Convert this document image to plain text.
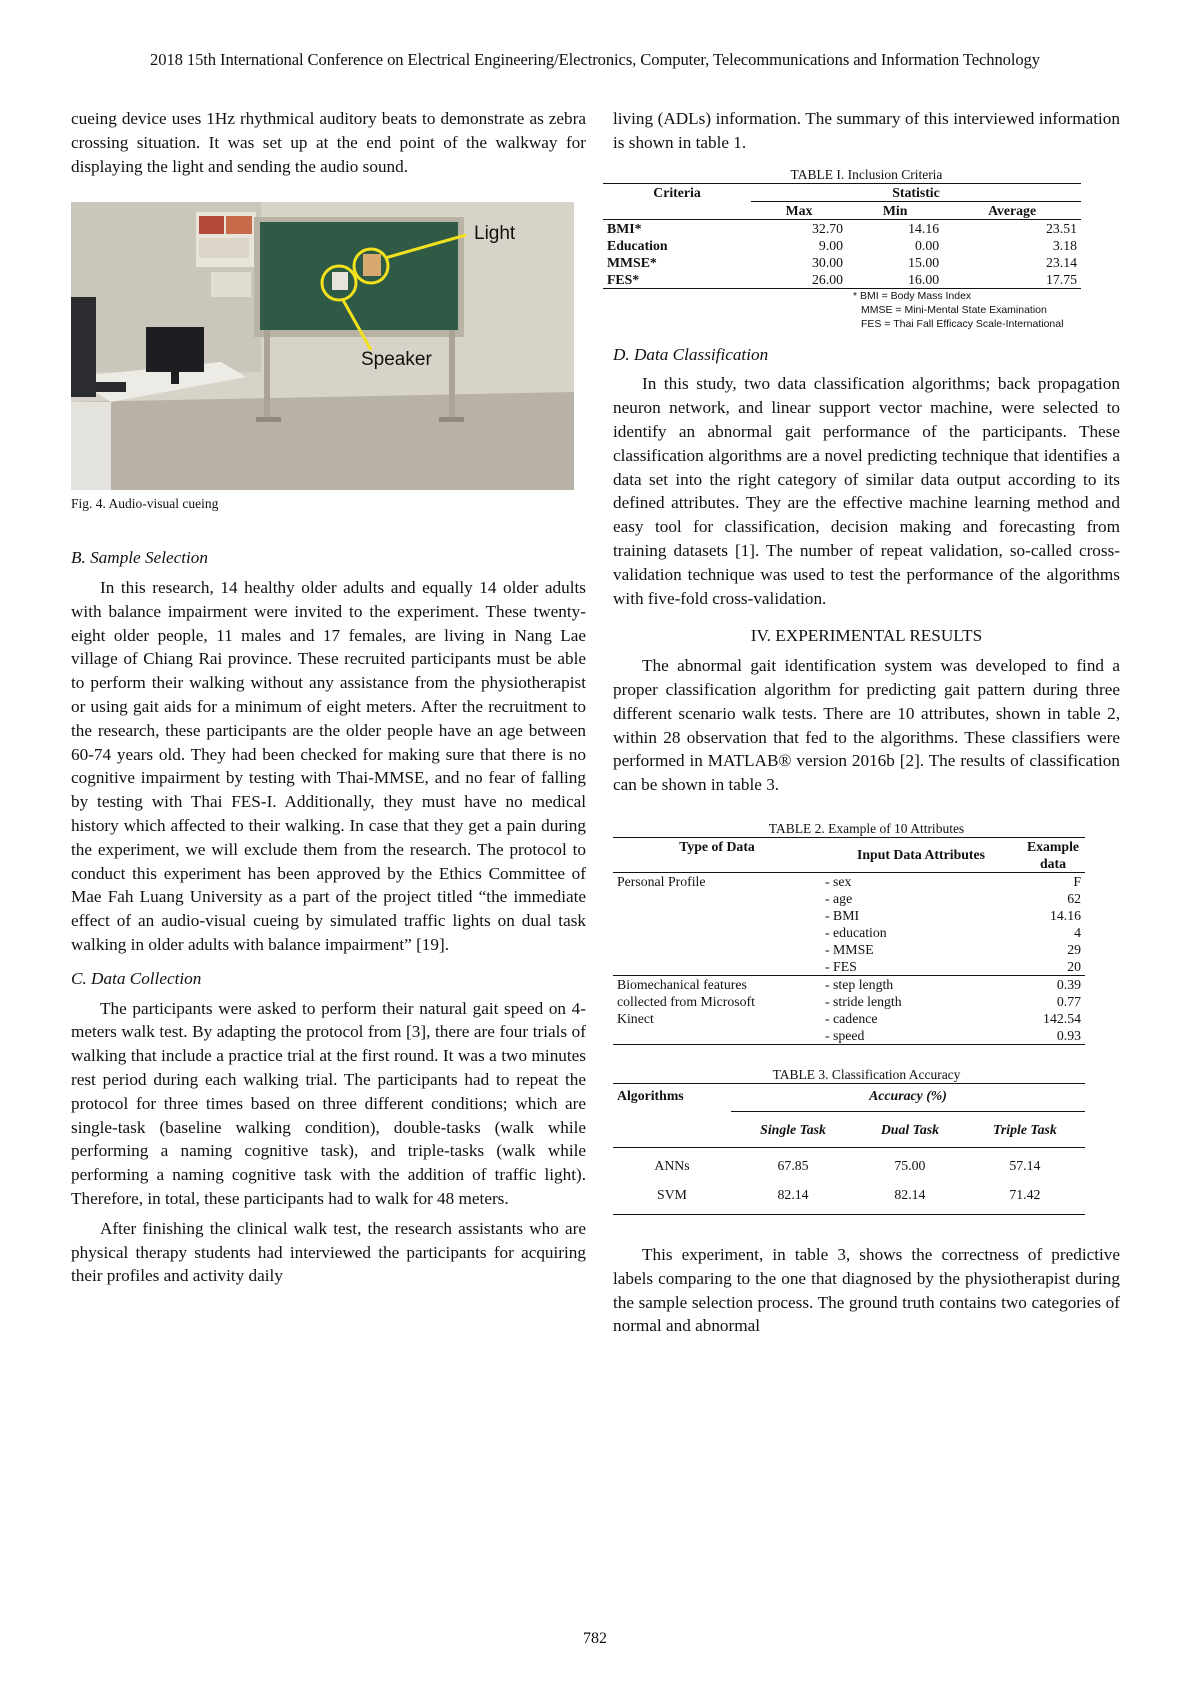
2018 15th International Conference on Electrical Engineering/Electronics, Computer, Telecommunications and Information Technology

cueing device uses 1Hz rhythmical auditory beats to demonstrate as zebra crossing situation. It was set up at the end point of the walkway for displaying the light and sending the audio sound.

Light
Speaker
Fig. 4. Audio-visual cueing
B. Sample Selection

In this research, 14 healthy older adults and equally 14 older adults with balance impairment were invited to the experiment. These twenty-eight older people, 11 males and 17 females, are living in Nang Lae village of Chiang Rai province. These recruited participants must be able to perform their walking without any assistance from the physiotherapist or using gait aids for a minimum of eight meters. After the recruitment to the research, these participants are the older people have an age between 60-74 years old. They had been checked for making sure that there is no cognitive impairment by testing with Thai-MMSE, and no fear of falling by testing with Thai FES-I. Additionally, they must have no medical history which affected to their walking. In case that they get a pain during the experiment, we will exclude them from the research. The protocol to conduct this experiment has been approved by the Ethics Committee of Mae Fah Luang University as a part of the project titled “the immediate effect of an audio-visual cueing by simulated traffic lights on dual task walking in older adults with balance impairment” [19].

C. Data Collection

The participants were asked to perform their natural gait speed on 4-meters walk test. By adapting the protocol from [3], there are four trials of walking that include a practice trial at the first round. It was a two minutes rest period during each walking trial. The participants had to repeat the protocol for three times based on three different conditions; which are single-task (baseline walking condition), double-tasks (walk while performing a naming cognitive task), and triple-tasks (walk while performing a naming cognitive task with the addition of traffic light). Therefore, in total, these participants had to walk for 48 meters.

After finishing the clinical walk test, the research assistants who are physical therapy students had interviewed the participants for acquiring their profiles and activity daily

living (ADLs) information. The summary of this interviewed information is shown in table 1.

TABLE I. Inclusion Criteria
Criteria	Statistic		
	Max	Min	Average
BMI*	32.70	14.16	23.51
Education	9.00	0.00	3.18
MMSE*	30.00	15.00	23.14
FES*	26.00	16.00	17.75
* BMI = Body Mass Index
MMSE = Mini-Mental State Examination
FES = Thai Fall Efficacy Scale-International
D. Data Classification

In this study, two data classification algorithms; back propagation neuron network, and linear support vector machine, were selected to identify an abnormal gait performance of the participants. These classification algorithms are a novel predicting technique that identifies a data set into the right category of similar data output according to its defined attributes. They are the effective machine learning method and easy tool for classification, decision making and forecasting from training datasets [1]. The number of repeat validation, so-called cross-validation technique was used to test the performance of the algorithms with five-fold cross-validation.

IV. EXPERIMENTAL RESULTS

The abnormal gait identification system was developed to find a proper classification algorithm for predicting gait pattern during three different scenario walk tests. There are 10 attributes, shown in table 2, within 28 observation that fed to the algorithms. These classifiers were performed in MATLAB® version 2016b [2]. The results of classification can be shown in table 3.

TABLE 2. Example of 10 Attributes
Type of Data	Input Data Attributes	Example data
Personal Profile	- sex	F
	- age	62
	- BMI	14.16
	- education	4
	- MMSE	29
	- FES	20
Biomechanical features	- step length	0.39
collected from Microsoft	- stride length	0.77
Kinect	- cadence	142.54
	- speed	0.93
TABLE 3. Classification Accuracy
Algorithms	Accuracy (%)		
	Single Task	Dual Task	Triple Task
ANNs	67.85	75.00	57.14
SVM	82.14	82.14	71.42

This experiment, in table 3, shows the correctness of predictive labels comparing to the one that diagnosed by the physiotherapist during the sample selection process. The ground truth contains two categories of normal and abnormal

782
